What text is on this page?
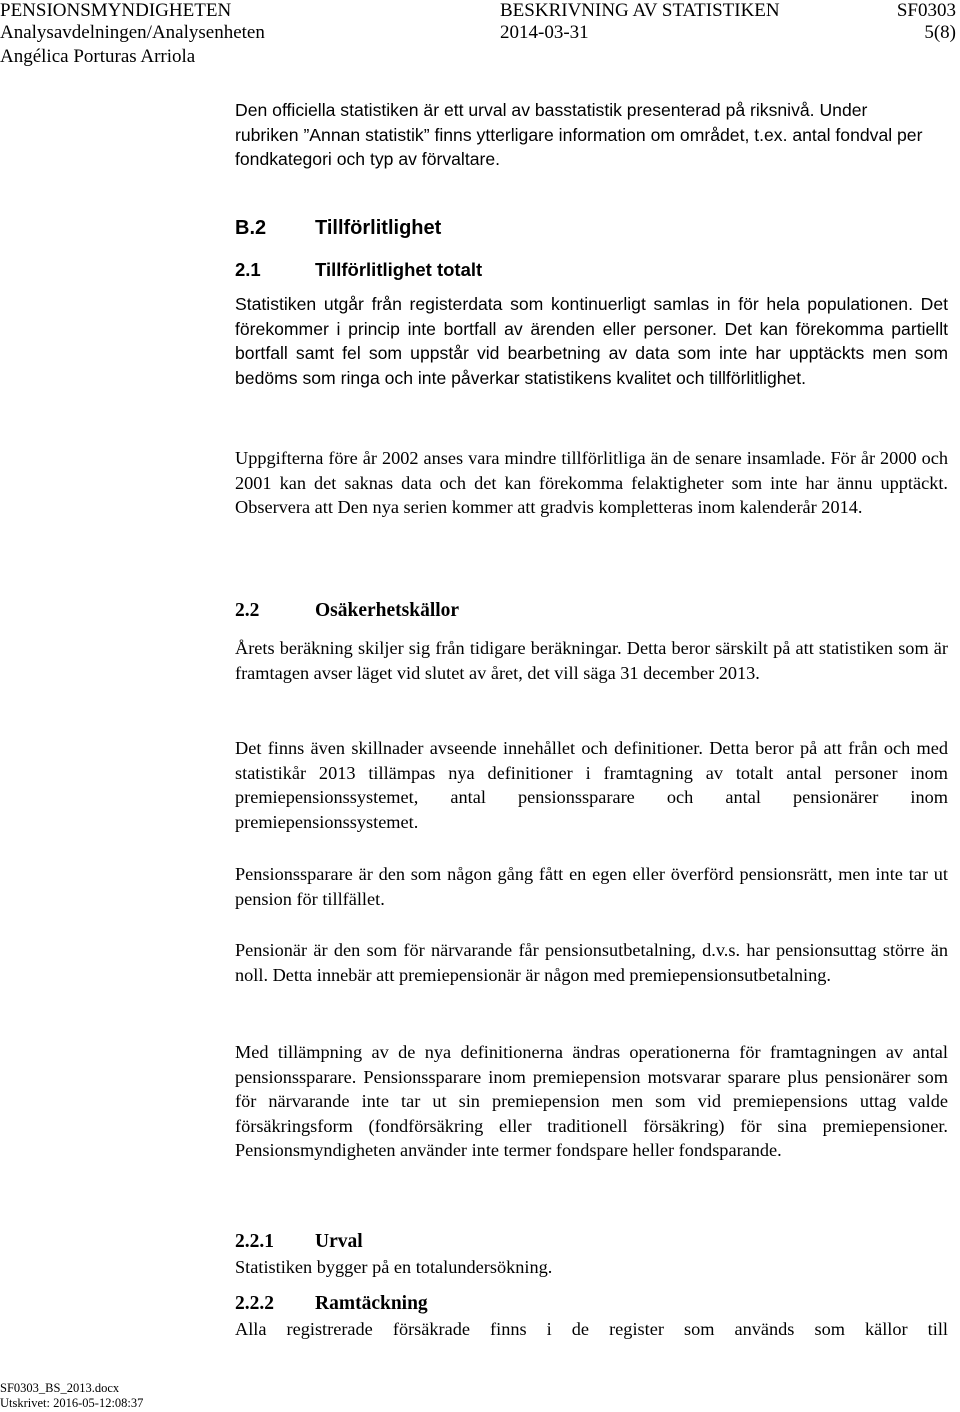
PENSIONSMYNDIGHETEN	BESKRIVNING AV STATISTIKEN	SF0303
Analysavdelningen/Analysenheten	2014-03-31	5(8)
Angélica Porturas Arriola

Den officiella statistiken är ett urval av basstatistik presenterad på riksnivå. Under rubriken ”Annan statistik” finns ytterligare information om området, t.ex. antal fondval per fondkategori och typ av förvaltare.

B.2 Tillförlitlighet
2.1	Tillförlitlighet totalt

Statistiken utgår från registerdata som kontinuerligt samlas in för hela populationen. Det förekommer i princip inte bortfall av ärenden eller personer. Det kan förekomma partiellt bortfall samt fel som uppstår vid bearbetning av data som inte har upptäckts men som bedöms som ringa och inte påverkar statistikens kvalitet och tillförlitlighet.

Uppgifterna före år 2002 anses vara mindre tillförlitliga än de senare insamlade. För år 2000 och 2001 kan det saknas data och det kan förekomma felaktigheter som inte har ännu upptäckt. Observera att Den nya serien kommer att gradvis kompletteras inom kalenderår 2014.

2.2	Osäkerhetskällor

Årets beräkning skiljer sig från tidigare beräkningar. Detta beror särskilt på att statistiken som är framtagen avser läget vid slutet av året, det vill säga 31 december 2013.

Det finns även skillnader avseende innehållet och definitioner. Detta beror på att från och med statistikår 2013 tillämpas nya definitioner i framtagning av totalt antal personer inom premiepensionssystemet, antal pensionssparare och antal pensionärer inom premiepensionssystemet.

Pensionssparare är den som någon gång fått en egen eller överförd pensionsrätt, men inte tar ut pension för tillfället.

Pensionär är den som för närvarande får pensionsutbetalning, d.v.s. har pensionsuttag större än noll. Detta innebär att premiepensionär är någon med premiepensionsutbetalning.

Med tillämpning av de nya definitionerna ändras operationerna för framtagningen av antal pensionssparare. Pensionssparare inom premiepension motsvarar sparare plus pensionärer som för närvarande inte tar ut sin premiepension men som vid premiepensions uttag valde försäkringsform (fondförsäkring eller traditionell försäkring) för sina premiepensioner. Pensionsmyndigheten använder inte termer fondspare heller fondsparande.

2.2.1 Urval

Statistiken bygger på en totalundersökning.

2.2.2 Ramtäckning

Alla registrerade försäkrade finns i de register som används som källor till

SF0303_BS_2013.docx
Utskrivet: 2016-05-12:08:37
